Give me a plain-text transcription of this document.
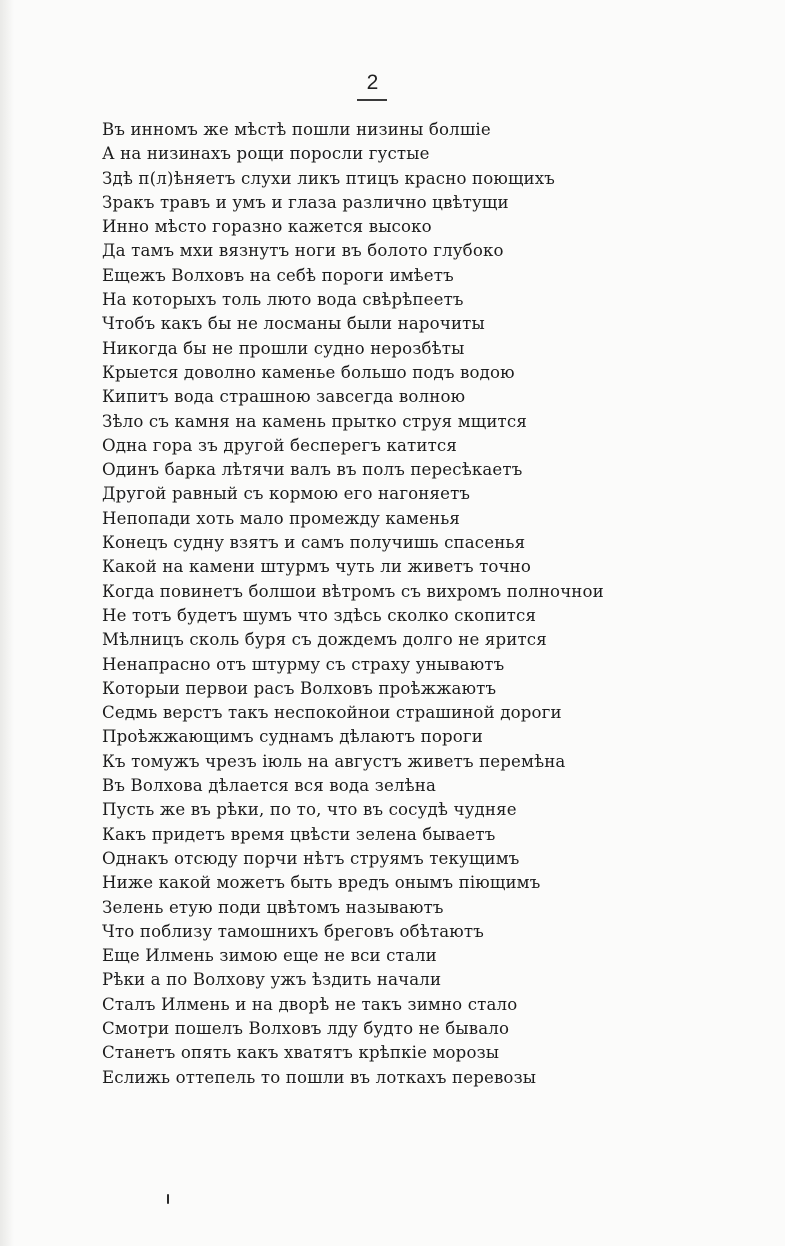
2
Въ инномъ же мѣстѣ пошли низины болшіе
А на низинахъ рощи поросли густые
Здѣ п(л)ѣняетъ слухи ликъ птицъ красно поющихъ
Зракъ травъ и умъ и глаза различно цвѣтущи
Инно мѣсто горазно кажется высоко
Да тамъ мхи вязнутъ ноги въ болото глубоко
Ещежъ Волховъ на себѣ пороги имѣетъ
На которыхъ толь люто вода свѣрѣпеетъ
Чтобъ какъ бы не лосманы были нарочиты
Никогда бы не прошли судно нерозбѣты
Крыется доволно каменье большо подъ водою
Кипитъ вода страшною завсегда волною
Зѣло съ камня на камень прытко струя мщится
Одна гора зъ другой бесперегъ катится
Одинъ барка лѣтячи валъ въ полъ пересѣкаетъ
Другой равный съ кормою его нагоняетъ
Непопади хоть мало промежду каменья
Конецъ судну взятъ и самъ получишь спасенья
Какой на камени штурмъ чуть ли живетъ точно
Когда повинетъ болшои вѣтромъ съ вихромъ полночнои
Не тотъ будетъ шумъ что здѣсь сколко скопится
Мѣлницъ сколь буря съ дождемъ долго не ярится
Ненапрасно отъ штурму съ страху унываютъ
Которыи первои расъ Волховъ проѣжжаютъ
Седмь верстъ такъ неспокойнои страшиной дороги
Проѣжжающимъ суднамъ дѣлаютъ пороги
Къ томужъ чрезъ іюль на августъ живетъ перемѣна
Въ Волхова дѣлается вся вода зелѣна
Пусть же въ рѣки, по то, что въ сосудѣ чудняе
Какъ придетъ время цвѣсти зелена бываетъ
Однакъ отсюду порчи нѣтъ струямъ текущимъ
Ниже какой можетъ быть вредъ онымъ піющимъ
Зелень етую поди цвѣтомъ называютъ
Что поблизу тамошнихъ бреговъ обѣтаютъ
Еще Илмень зимою еще не вси стали
Рѣки а по Волхову ужъ ѣздить начали
Сталъ Илмень и на дворѣ не такъ зимно стало
Смотри пошелъ Волховъ лду будто не бывало
Станетъ опять какъ хватятъ крѣпкіе морозы
Еслижь оттепель то пошли въ лоткахъ перевозы
